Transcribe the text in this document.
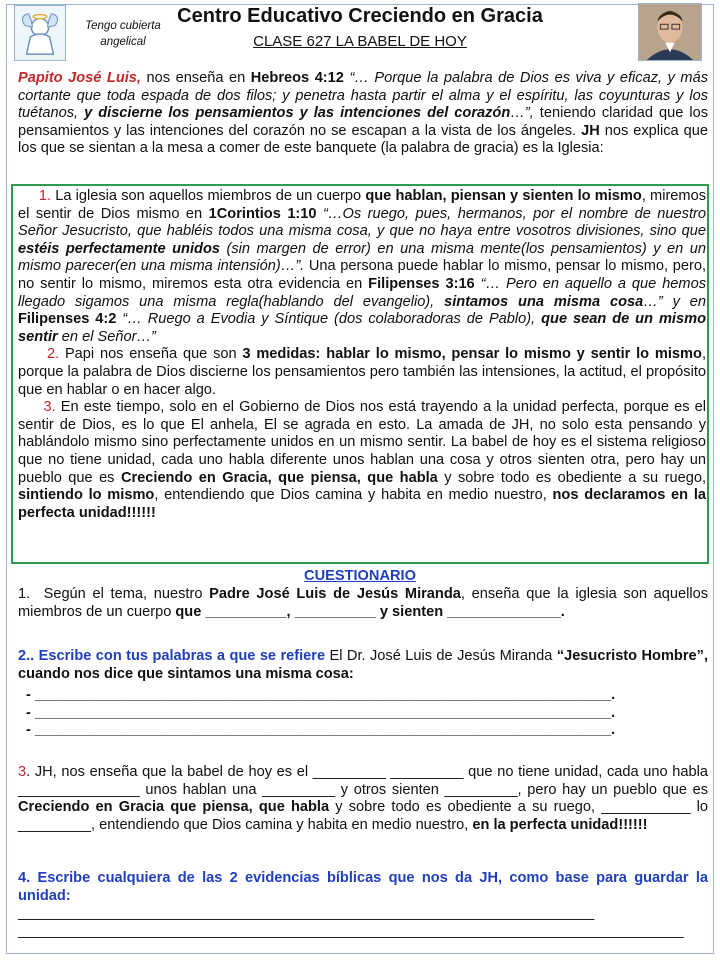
Tengo cubierta angelical
Centro Educativo Creciendo en Gracia
CLASE 627 LA BABEL DE HOY
Papito José Luis, nos enseña en Hebreos 4:12 “… Porque la palabra de Dios es viva y eficaz, y más cortante que toda espada de dos filos; y penetra hasta partir el alma y el espíritu, las coyunturas y los tuétanos, y discierne los pensamientos y las intenciones del corazón…”, teniendo claridad que los pensamientos y las intenciones del corazón no se escapan a la vista de los ángeles. JH nos explica que los que se sientan a la mesa a comer de este banquete (la palabra de gracia) es la Iglesia:

1. La iglesia son aquellos miembros de un cuerpo que hablan, piensan y sienten lo mismo, miremos el sentir de Dios mismo en 1Corintios 1:10 “…Os ruego, pues, hermanos, por el nombre de nuestro Señor Jesucristo, que habléis todos una misma cosa, y que no haya entre vosotros divisiones, sino que estéis perfectamente unidos (sin margen de error) en una misma mente(los pensamientos) y en un mismo parecer(en una misma intensión)…”. Una persona puede hablar lo mismo, pensar lo mismo, pero, no sentir lo mismo, miremos esta otra evidencia en Filipenses 3:16 “… Pero en aquello a que hemos llegado sigamos una misma regla(hablando del evangelio), sintamos una misma cosa…” y en Filipenses 4:2 “… Ruego a Evodia y Síntique (dos colaboradoras de Pablo), que sean de un mismo sentir en el Señor…”

2. Papi nos enseña que son 3 medidas: hablar lo mismo, pensar lo mismo y sentir lo mismo, porque la palabra de Dios discierne los pensamientos pero también las intensiones, la actitud, el propósito que en hablar o en hacer algo.

3. En este tiempo, solo en el Gobierno de Dios nos está trayendo a la unidad perfecta, porque es el sentir de Dios, es lo que El anhela, El se agrada en esto. La amada de JH, no solo esta pensando y hablándolo mismo sino perfectamente unidos en un mismo sentir. La babel de hoy es el sistema religioso que no tiene unidad, cada uno habla diferente unos hablan una cosa y otros sienten otra, pero hay un pueblo que es Creciendo en Gracia, que piensa, que habla y sobre todo es obediente a su ruego, sintiendo lo mismo, entendiendo que Dios camina y habita en medio nuestro, nos declaramos en la perfecta unidad!!!!!!

CUESTIONARIO

1. Según el tema, nuestro Padre José Luis de Jesús Miranda, enseña que la iglesia son aquellos miembros de un cuerpo que __________, __________ y sienten ______________.

2.. Escribe con tus palabras a que se refiere El Dr. José Luis de Jesús Miranda “Jesucristo Hombre”, cuando nos dice que sintamos una misma cosa:

- _______________________________________________________________________.
- _______________________________________________________________________.
- _______________________________________________________________________.

3. JH, nos enseña que la babel de hoy es el _________ _________ que no tiene unidad, cada uno habla _______________ unos hablan una _________ y otros sienten _________, pero hay un pueblo que es Creciendo en Gracia que piensa, que habla y sobre todo es obediente a su ruego, ___________ lo _________, entendiendo que Dios camina y habita en medio nuestro, en la perfecta unidad!!!!!!

4. Escribe cualquiera de las 2 evidencias bíblicas que nos da JH, como base para guardar la unidad:

_______________________________________________________________________
__________________________________________________________________________________
